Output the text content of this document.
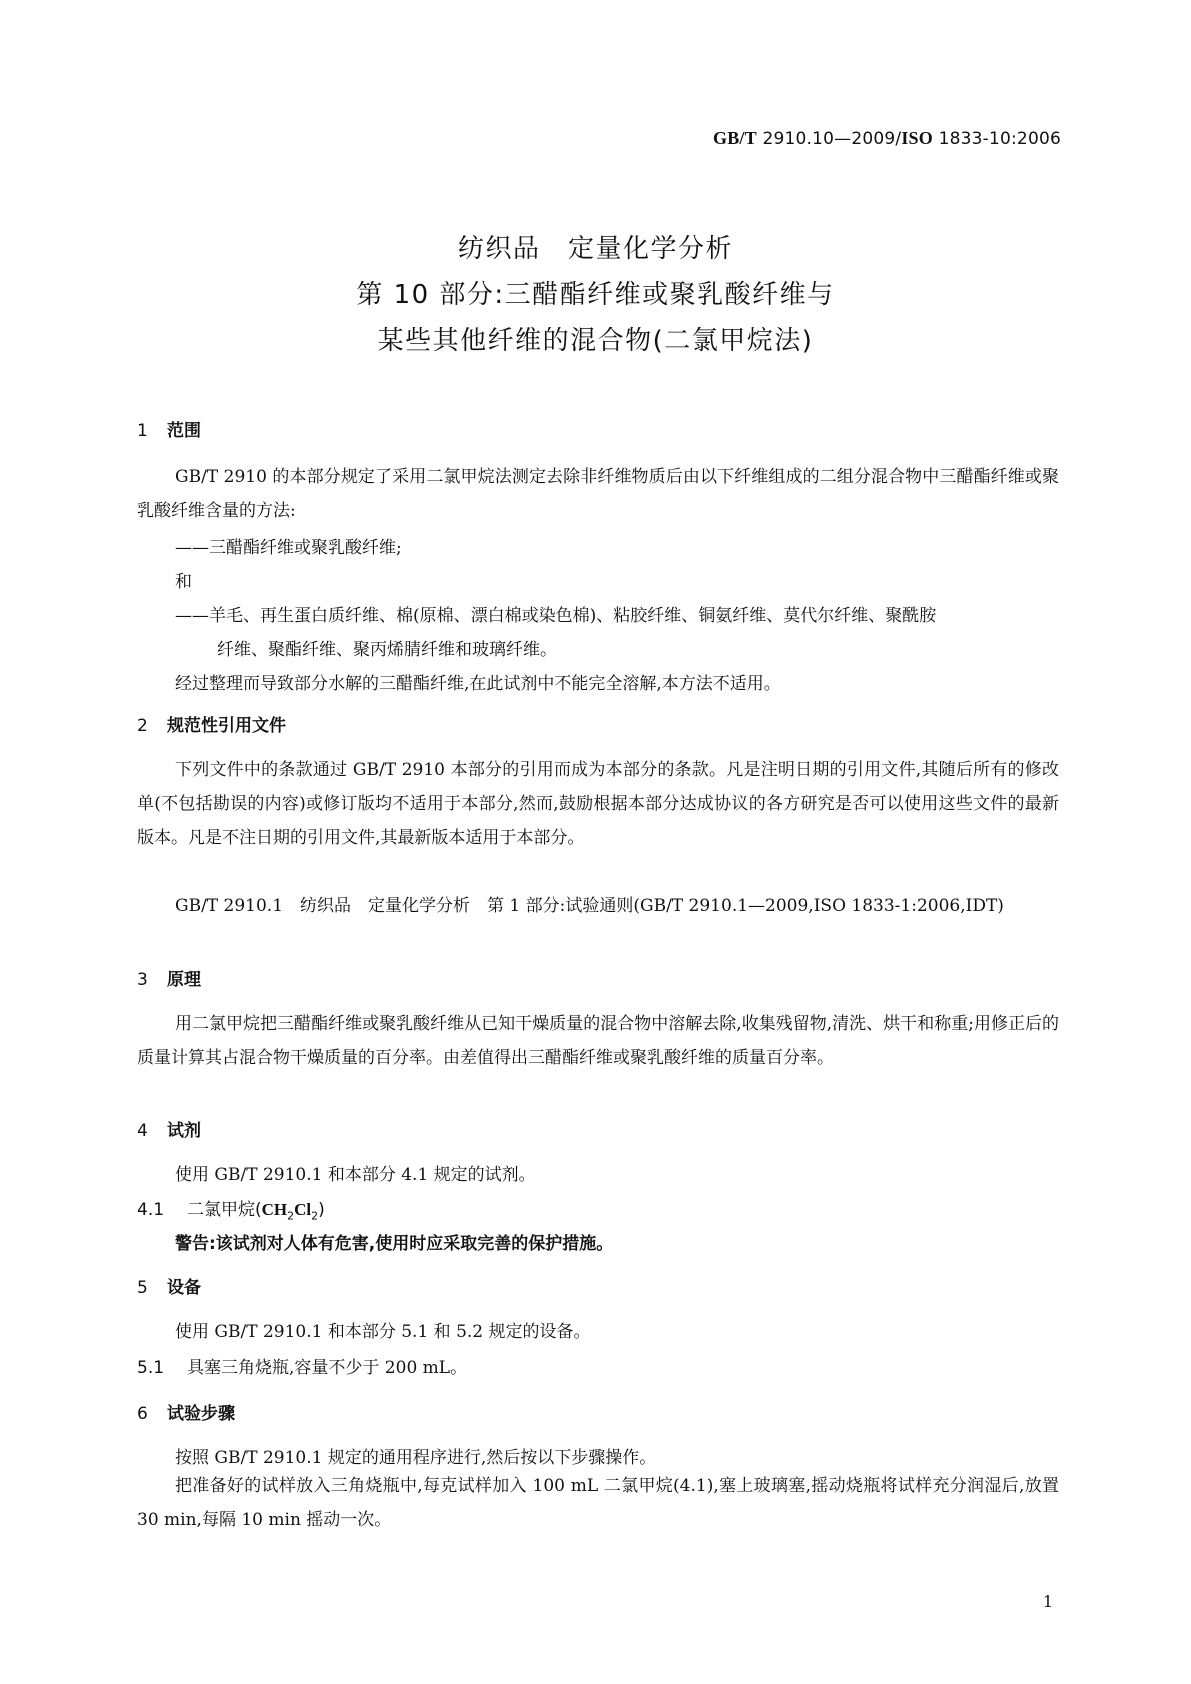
GB/T 2910.10—2009/ISO 1833-10:2006
纺织品　定量化学分析
第 10 部分:三醋酯纤维或聚乳酸纤维与
某些其他纤维的混合物(二氯甲烷法)
1 范围
GB/T 2910 的本部分规定了采用二氯甲烷法测定去除非纤维物质后由以下纤维组成的二组分混合物中三醋酯纤维或聚乳酸纤维含量的方法:
——三醋酯纤维或聚乳酸纤维;
和
——羊毛、再生蛋白质纤维、棉(原棉、漂白棉或染色棉)、粘胶纤维、铜氨纤维、莫代尔纤维、聚酰胺
纤维、聚酯纤维、聚丙烯腈纤维和玻璃纤维。
经过整理而导致部分水解的三醋酯纤维,在此试剂中不能完全溶解,本方法不适用。
2 规范性引用文件
下列文件中的条款通过 GB/T 2910 本部分的引用而成为本部分的条款。凡是注明日期的引用文件,其随后所有的修改单(不包括勘误的内容)或修订版均不适用于本部分,然而,鼓励根据本部分达成协议的各方研究是否可以使用这些文件的最新版本。凡是不注日期的引用文件,其最新版本适用于本部分。
GB/T 2910.1　纺织品　定量化学分析　第 1 部分:试验通则(GB/T 2910.1—2009,ISO 1833-1:2006,IDT)
3 原理
用二氯甲烷把三醋酯纤维或聚乳酸纤维从已知干燥质量的混合物中溶解去除,收集残留物,清洗、烘干和称重;用修正后的质量计算其占混合物干燥质量的百分率。由差值得出三醋酯纤维或聚乳酸纤维的质量百分率。
4 试剂
使用 GB/T 2910.1 和本部分 4.1 规定的试剂。
4.1 二氯甲烷$(CH_2Cl_2)$
警告:该试剂对人体有危害,使用时应采取完善的保护措施。
5 设备
使用 GB/T 2910.1 和本部分 5.1 和 5.2 规定的设备。
5.1 具塞三角烧瓶,容量不少于 200 mL。
6 试验步骤
按照 GB/T 2910.1 规定的通用程序进行,然后按以下步骤操作。
把准备好的试样放入三角烧瓶中,每克试样加入 100 mL 二氯甲烷(4.1),塞上玻璃塞,摇动烧瓶将试样充分润湿后,放置 30 min,每隔 10 min 摇动一次。
1
